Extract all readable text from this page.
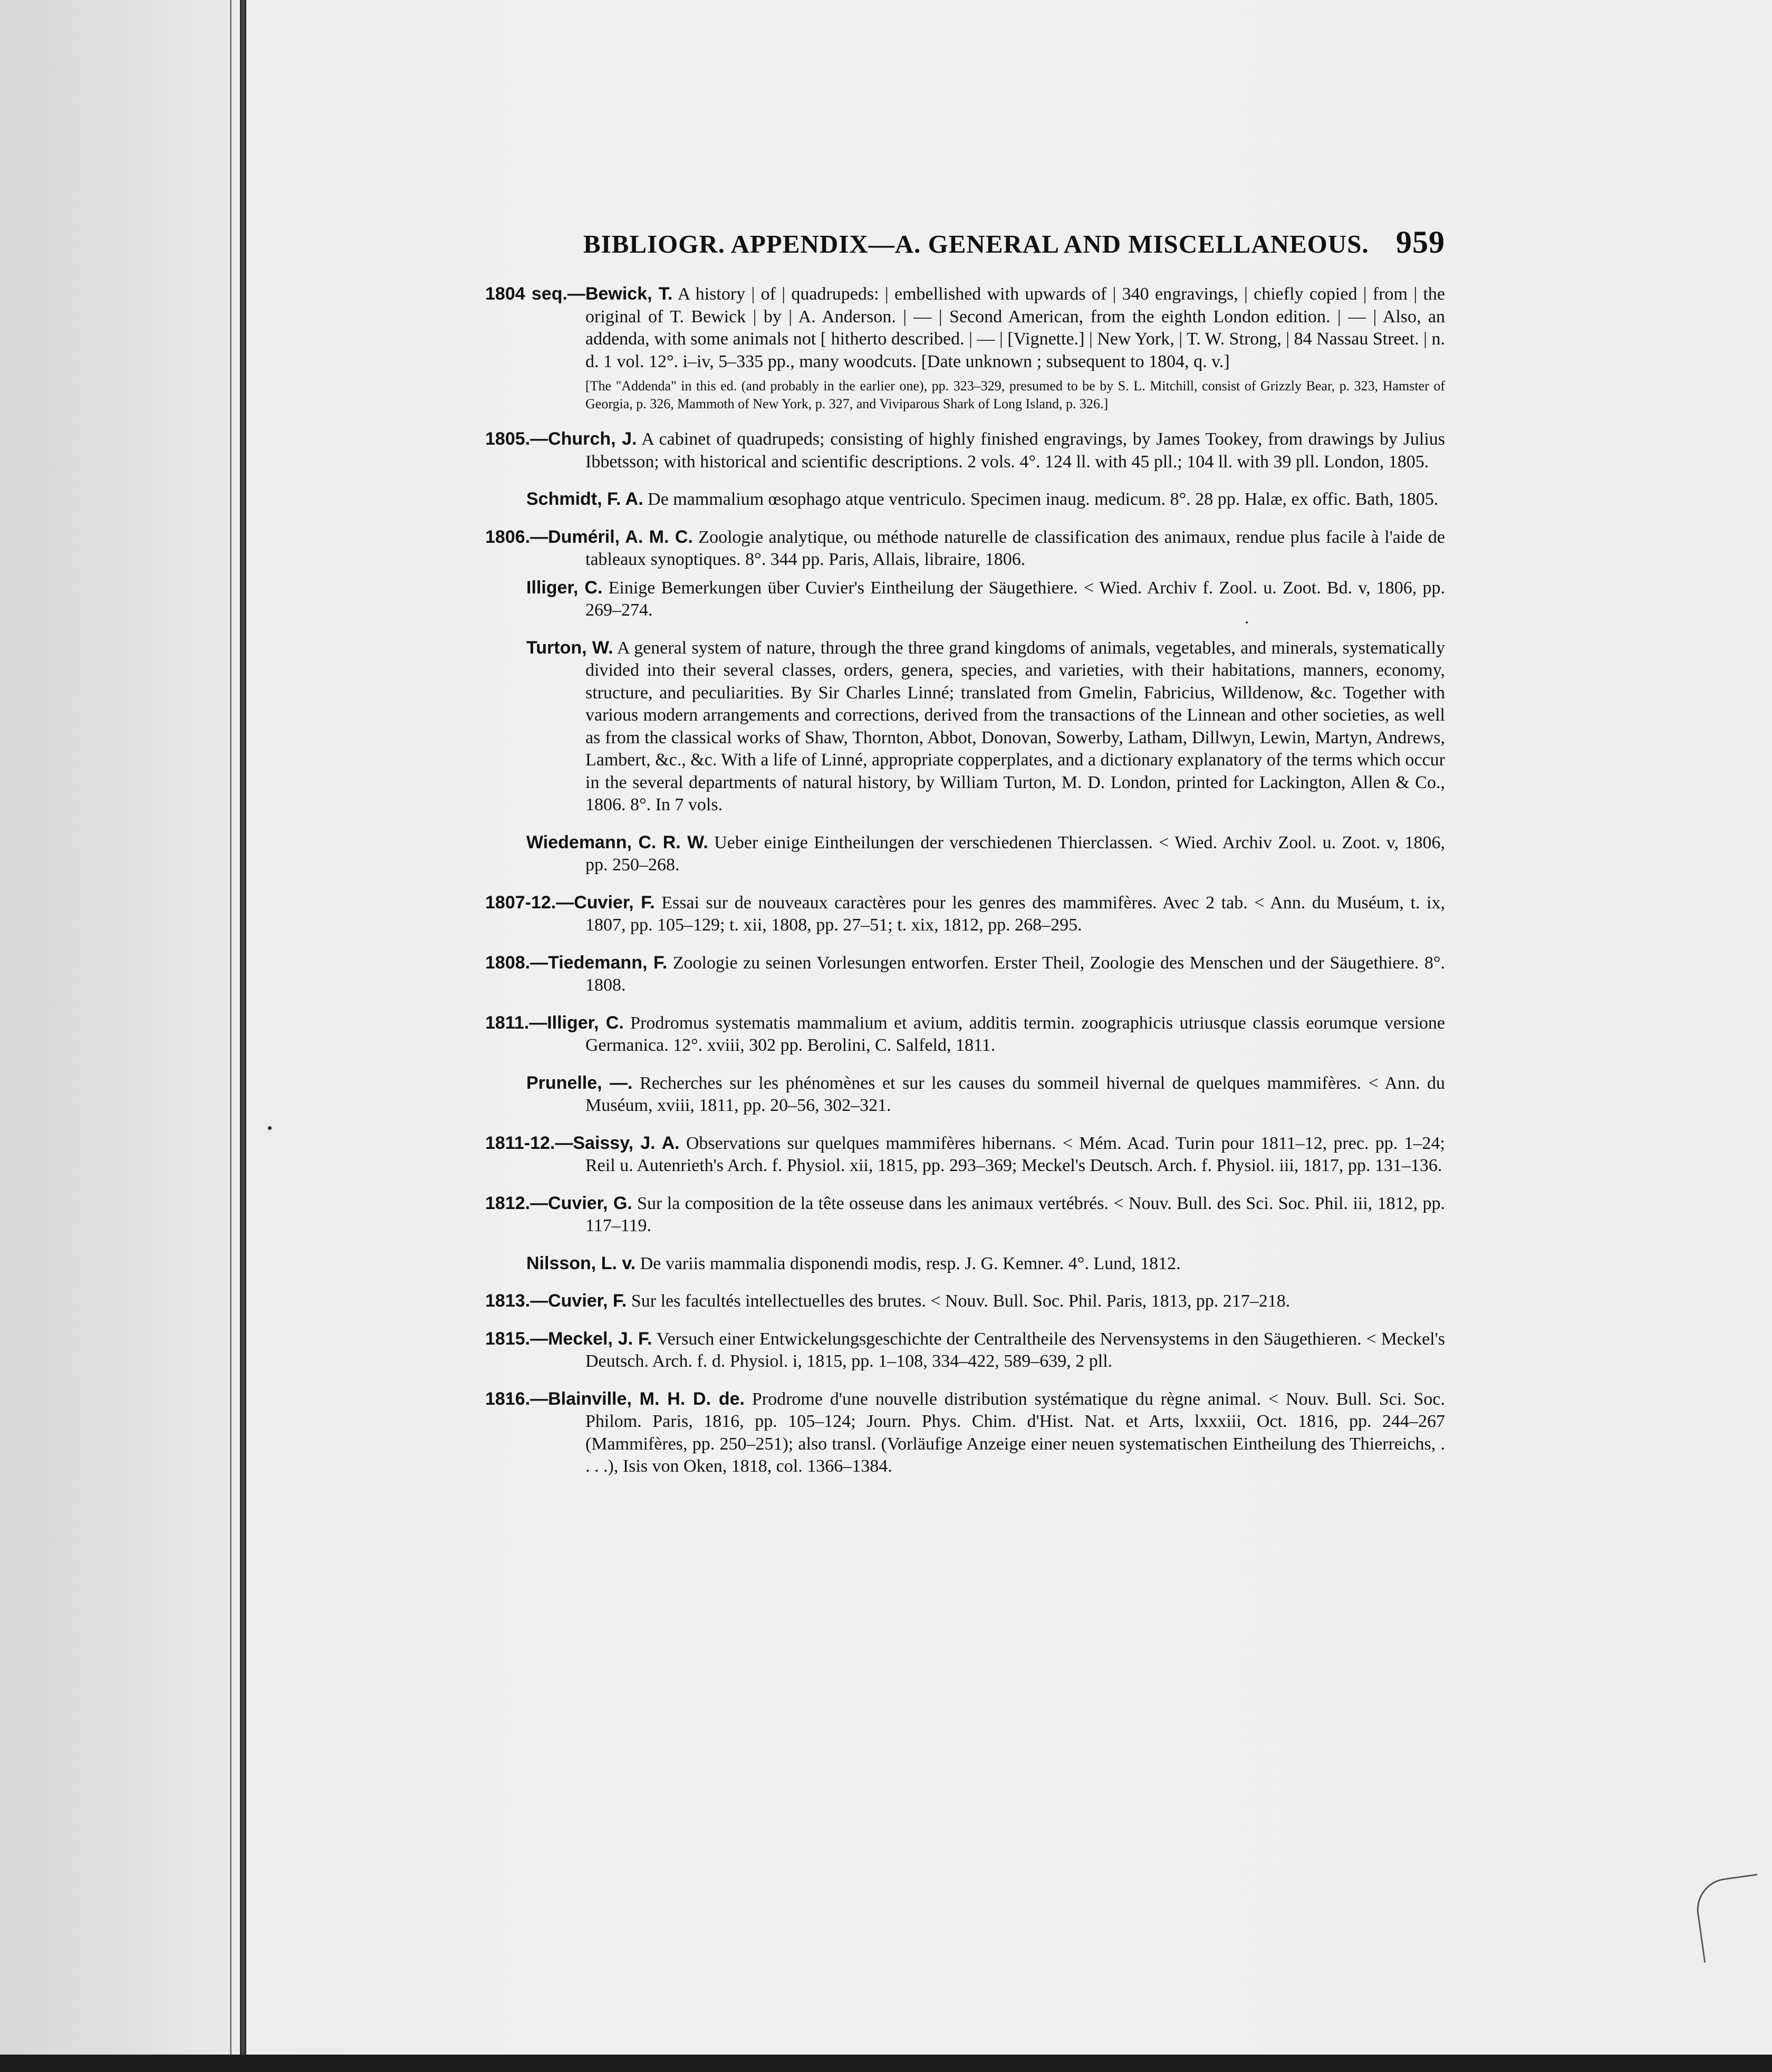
BIBLIOGR. APPENDIX—A. GENERAL AND MISCELLANEOUS. 959
1804 seq.—Bewick, T. A history | of | quadrupeds: | embellished with upwards of | 340 engravings, | chiefly copied | from | the original of T. Bewick | by | A. Anderson. | — | Second American, from the eighth London edition. | — | Also, an addenda, with some animals not [ hitherto described. | — | [Vignette.] | New York, | T. W. Strong, | 84 Nassau Street. | n. d. 1 vol. 12°. i–iv, 5–335 pp., many woodcuts. [Date unknown ; subsequent to 1804, q. v.]
[The "Addenda" in this ed. (and probably in the earlier one), pp. 323–329, presumed to be by S. L. Mitchill, consist of Grizzly Bear, p. 323, Hamster of Georgia, p. 326, Mammoth of New York, p. 327, and Viviparous Shark of Long Island, p. 326.]
1805.—Church, J. A cabinet of quadrupeds; consisting of highly finished engravings, by James Tookey, from drawings by Julius Ibbetsson; with historical and scientific descriptions. 2 vols. 4°. 124 ll. with 45 pll.; 104 ll. with 39 pll. London, 1805.
Schmidt, F. A. De mammalium œsophago atque ventriculo. Specimen inaug. medicum. 8°. 28 pp. Halæ, ex offic. Bath, 1805.
1806.—Duméril, A. M. C. Zoologie analytique, ou méthode naturelle de classification des animaux, rendue plus facile à l'aide de tableaux synoptiques. 8°. 344 pp. Paris, Allais, libraire, 1806.
Illiger, C. Einige Bemerkungen über Cuvier's Eintheilung der Säugethiere. < Wied. Archiv f. Zool. u. Zoot. Bd. v, 1806, pp. 269–274.
Turton, W. A general system of nature, through the three grand kingdoms of animals, vegetables, and minerals, systematically divided into their several classes, orders, genera, species, and varieties, with their habitations, manners, economy, structure, and peculiarities. By Sir Charles Linné; translated from Gmelin, Fabricius, Willdenow, &c. Together with various modern arrangements and corrections, derived from the transactions of the Linnean and other societies, as well as from the classical works of Shaw, Thornton, Abbot, Donovan, Sowerby, Latham, Dillwyn, Lewin, Martyn, Andrews, Lambert, &c., &c. With a life of Linné, appropriate copperplates, and a dictionary explanatory of the terms which occur in the several departments of natural history, by William Turton, M. D. London, printed for Lackington, Allen & Co., 1806. 8°. In 7 vols.
Wiedemann, C. R. W. Ueber einige Eintheilungen der verschiedenen Thierclassen. < Wied. Archiv Zool. u. Zoot. v, 1806, pp. 250–268.
1807-12.—Cuvier, F. Essai sur de nouveaux caractères pour les genres des mammifères. Avec 2 tab. < Ann. du Muséum, t. ix, 1807, pp. 105–129; t. xii, 1808, pp. 27–51; t. xix, 1812, pp. 268–295.
1808.—Tiedemann, F. Zoologie zu seinen Vorlesungen entworfen. Erster Theil, Zoologie des Menschen und der Säugethiere. 8°. 1808.
1811.—Illiger, C. Prodromus systematis mammalium et avium, additis termin. zoographicis utriusque classis eorumque versione Germanica. 12°. xviii, 302 pp. Berolini, C. Salfeld, 1811.
Prunelle, —. Recherches sur les phénomènes et sur les causes du sommeil hivernal de quelques mammifères. < Ann. du Muséum, xviii, 1811, pp. 20–56, 302–321.
1811-12.—Saissy, J. A. Observations sur quelques mammifères hibernans. < Mém. Acad. Turin pour 1811–12, prec. pp. 1–24; Reil u. Autenrieth's Arch. f. Physiol. xii, 1815, pp. 293–369; Meckel's Deutsch. Arch. f. Physiol. iii, 1817, pp. 131–136.
1812.—Cuvier, G. Sur la composition de la tête osseuse dans les animaux vertébrés. < Nouv. Bull. des Sci. Soc. Phil. iii, 1812, pp. 117–119.
Nilsson, L. v. De variis mammalia disponendi modis, resp. J. G. Kemner. 4°. Lund, 1812.
1813.—Cuvier, F. Sur les facultés intellectuelles des brutes. < Nouv. Bull. Soc. Phil. Paris, 1813, pp. 217–218.
1815.—Meckel, J. F. Versuch einer Entwickelungsgeschichte der Centraltheile des Nervensystems in den Säugethieren. < Meckel's Deutsch. Arch. f. d. Physiol. i, 1815, pp. 1–108, 334–422, 589–639, 2 pll.
1816.—Blainville, M. H. D. de. Prodrome d'une nouvelle distribution systématique du règne animal. < Nouv. Bull. Sci. Soc. Philom. Paris, 1816, pp. 105–124; Journ. Phys. Chim. d'Hist. Nat. et Arts, lxxxiii, Oct. 1816, pp. 244–267 (Mammifères, pp. 250–251); also transl. (Vorläufige Anzeige einer neuen systematischen Eintheilung des Thierreichs, . . . .), Isis von Oken, 1818, col. 1366–1384.
